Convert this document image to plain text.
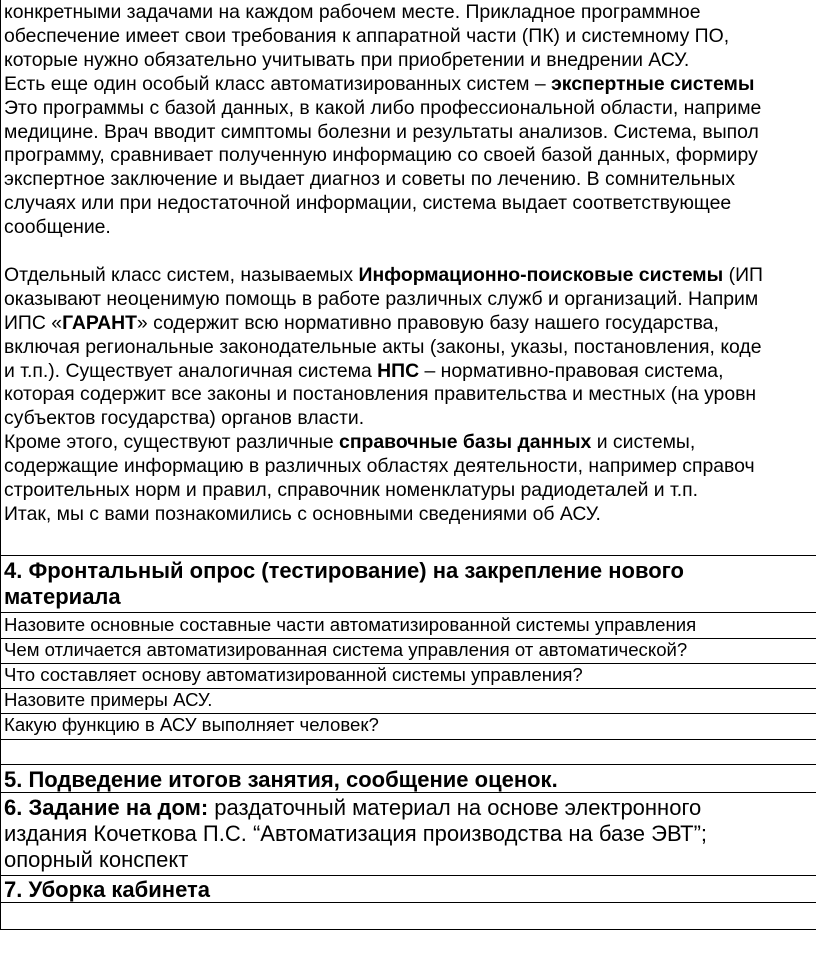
конкретными задачами на каждом рабочем месте. Прикладное программное

обеспечение имеет свои требования к аппаратной части (ПК) и системному ПО,

которые нужно обязательно учитывать при приобретении и внедрении АСУ.

Есть еще один особый класс автоматизированных систем – экспертные системы

Это программы с базой данных, в какой либо профессиональной области, наприме

медицине. Врач вводит симптомы болезни и результаты анализов. Система, выпол

программу, сравнивает полученную информацию со своей базой данных, формиру

экспертное заключение и выдает диагноз и советы по лечению. В сомнительных

случаях или при недостаточной информации, система выдает соответствующее

сообщение.

Отдельный класс систем, называемых Информационно-поисковые системы (ИП

оказывают неоценимую помощь в работе различных служб и организаций. Наприм

ИПС «ГАРАНТ» содержит всю нормативно правовую базу нашего государства,

включая региональные законодательные акты (законы, указы, постановления, коде

и т.п.). Существует аналогичная система НПС – нормативно-правовая система,

которая содержит все законы и постановления правительства и местных (на уровн

субъектов государства) органов власти.

Кроме этого, существуют различные справочные базы данных и системы,

содержащие информацию в различных областях деятельности, например справоч

строительных норм и правил, справочник номенклатуры радиодеталей и т.п.

Итак, мы с вами познакомились с основными сведениями об АСУ.

4. Фронтальный опрос (тестирование) на закрепление нового
материала
Назовите основные составные части автоматизированной системы управления
Чем отличается автоматизированная система управления от автоматической?
Что составляет основу автоматизированной системы управления?
Назовите примеры АСУ.
Какую функцию в АСУ выполняет человек?
5. Подведение итогов занятия, сообщение оценок.
6. Задание на дом: раздаточный материал на основе электронного
издания Кочеткова П.С. “Автоматизация производства на базе ЭВТ”;
опорный конспект
7. Уборка кабинета
